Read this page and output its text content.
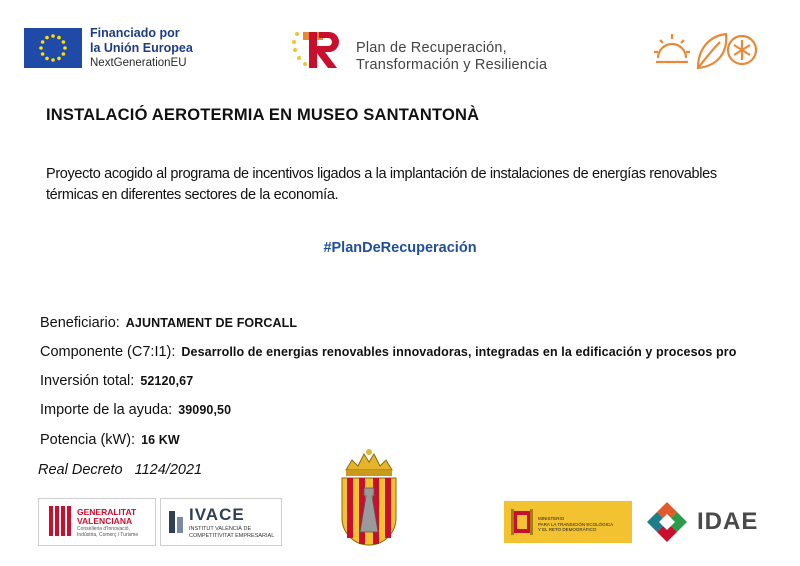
Financiado por
la Unión Europea
NextGenerationEU
Plan de Recuperación,
Transformación y Resiliencia
INSTALACIÓ AEROTERMIA EN MUSEO SANTANTONÀ
Proyecto acogido al programa de incentivos ligados a la implantación de instalaciones de energías renovables térmicas en diferentes sectores de la economía.
#PlanDeRecuperación
Beneficiario: AJUNTAMENT DE FORCALL
Componente (C7:I1): Desarrollo de energias renovables innovadoras, integradas en la edificación y procesos pro
Inversión total: 52120,67
Importe de la ayuda: 39090,50
Potencia (kW): 16 KW
Real Decreto 1124/2021
GENERALITAT
VALENCIANA
Conselleria d'Innovació,
Indústria, Comerç i Turisme
IVACE
INSTITUT VALENCIÀ DE
COMPETITIVITAT EMPRESARIAL
MINISTERIO
PARA LA TRANSICIÓN ECOLÓGICA
Y EL RETO DEMOGRÁFICO	IDAE
